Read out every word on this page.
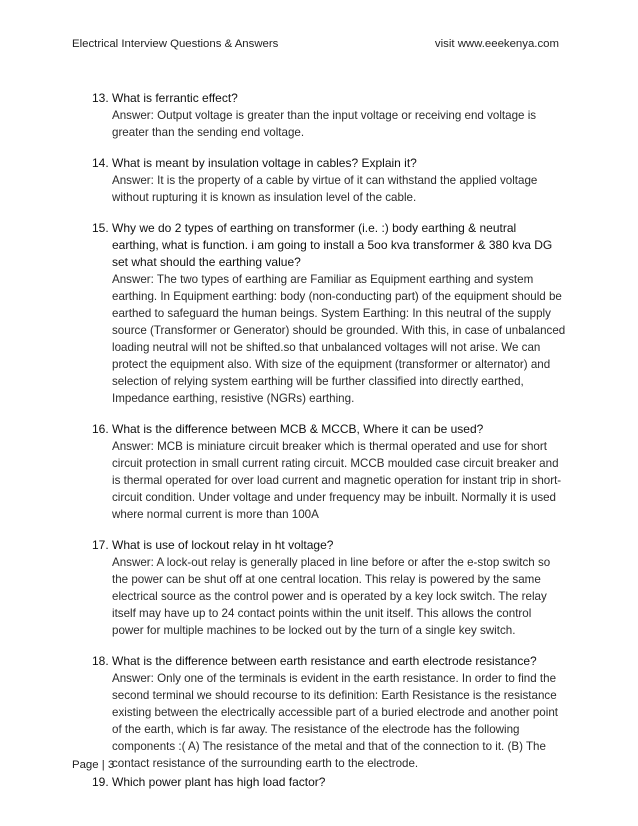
Electrical Interview Questions & Answers	visit www.eeekenya.com
13. What is ferrantic effect?

Answer: Output voltage is greater than the input voltage or receiving end voltage is greater than the sending end voltage.

14. What is meant by insulation voltage in cables? Explain it?

Answer: It is the property of a cable by virtue of it can withstand the applied voltage without rupturing it is known as insulation level of the cable.

15. Why we do 2 types of earthing on transformer (i.e. :) body earthing & neutral earthing, what is function. i am going to install a 5oo kva transformer & 380 kva DG set what should the earthing value?

Answer: The two types of earthing are Familiar as Equipment earthing and system earthing. In Equipment earthing: body (non-conducting part) of the equipment should be earthed to safeguard the human beings. System Earthing: In this neutral of the supply source (Transformer or Generator) should be grounded. With this, in case of unbalanced loading neutral will not be shifted.so that unbalanced voltages will not arise. We can protect the equipment also. With size of the equipment (transformer or alternator) and selection of relying system earthing will be further classified into directly earthed, Impedance earthing, resistive (NGRs) earthing.

16. What is the difference between MCB & MCCB, Where it can be used?

Answer: MCB is miniature circuit breaker which is thermal operated and use for short circuit protection in small current rating circuit. MCCB moulded case circuit breaker and is thermal operated for over load current and magnetic operation for instant trip in short-circuit condition. Under voltage and under frequency may be inbuilt. Normally it is used where normal current is more than 100A

17. What is use of lockout relay in ht voltage?

Answer: A lock-out relay is generally placed in line before or after the e-stop switch so the power can be shut off at one central location. This relay is powered by the same electrical source as the control power and is operated by a key lock switch. The relay itself may have up to 24 contact points within the unit itself. This allows the control power for multiple machines to be locked out by the turn of a single key switch.

18. What is the difference between earth resistance and earth electrode resistance?

Answer: Only one of the terminals is evident in the earth resistance. In order to find the second terminal we should recourse to its definition: Earth Resistance is the resistance existing between the electrically accessible part of a buried electrode and another point of the earth, which is far away. The resistance of the electrode has the following components :( A) The resistance of the metal and that of the connection to it. (B) The contact resistance of the surrounding earth to the electrode.

19. Which power plant has high load factor?

Page | 3
